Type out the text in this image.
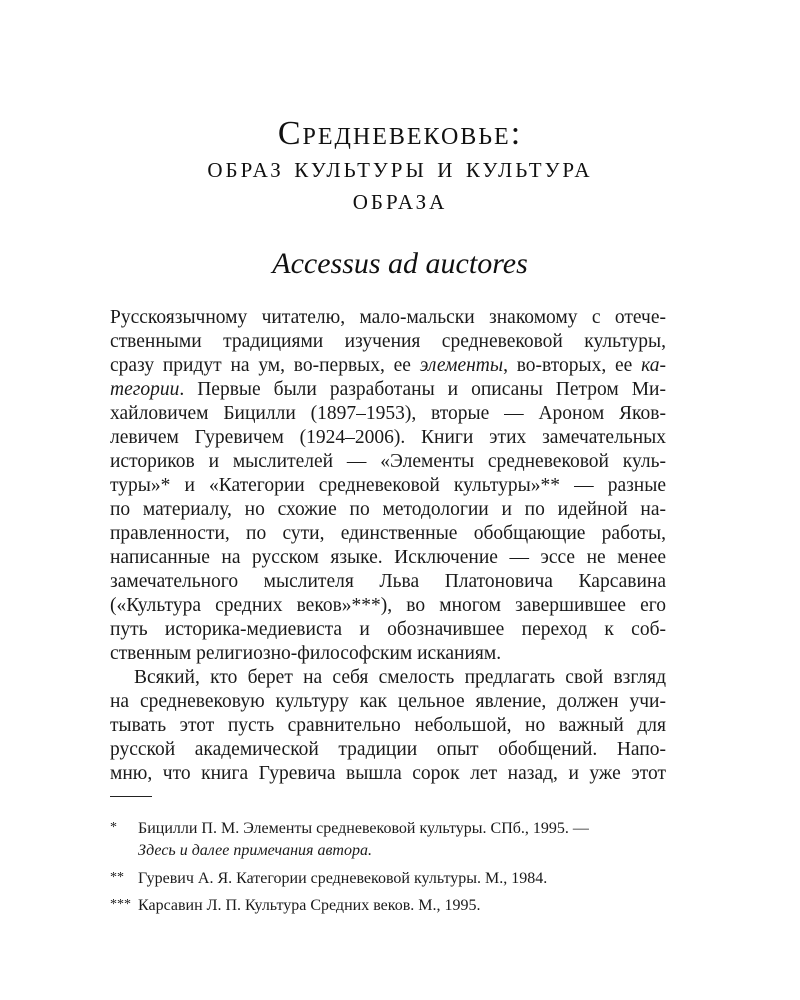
Средневековье:
образ культуры и культура
образа
Accessus ad auctores
Русскоязычному читателю, мало-мальски знакомому с отече-
ственными традициями изучения средневековой культуры,
сразу придут на ум, во-первых, ее элементы, во-вторых, ее ка-
тегории. Первые были разработаны и описаны Петром Ми-
хайловичем Бицилли (1897–1953), вторые — Ароном Яков-
левичем Гуревичем (1924–2006). Книги этих замечательных
историков и мыслителей — «Элементы средневековой куль-
туры»* и «Категории средневековой культуры»** — разные
по материалу, но схожие по методологии и по идейной на-
правленности, по сути, единственные обобщающие работы,
написанные на русском языке. Исключение — эссе не менее
замечательного мыслителя Льва Платоновича Карсавина
(«Культура средних веков»***), во многом завершившее его
путь историка-медиевиста и обозначившее переход к соб-
ственным религиозно-философским исканиям.
Всякий, кто берет на себя смелость предлагать свой взгляд
на средневековую культуру как цельное явление, должен учи-
тывать этот пусть сравнительно небольшой, но важный для
русской академической традиции опыт обобщений. Напо-
мню, что книга Гуревича вышла сорок лет назад, и уже этот
* Бицилли П. М. Элементы средневековой культуры. СПб., 1995. —
Здесь и далее примечания автора.
** Гуревич А. Я. Категории средневековой культуры. М., 1984.
*** Карсавин Л. П. Культура Средних веков. М., 1995.
